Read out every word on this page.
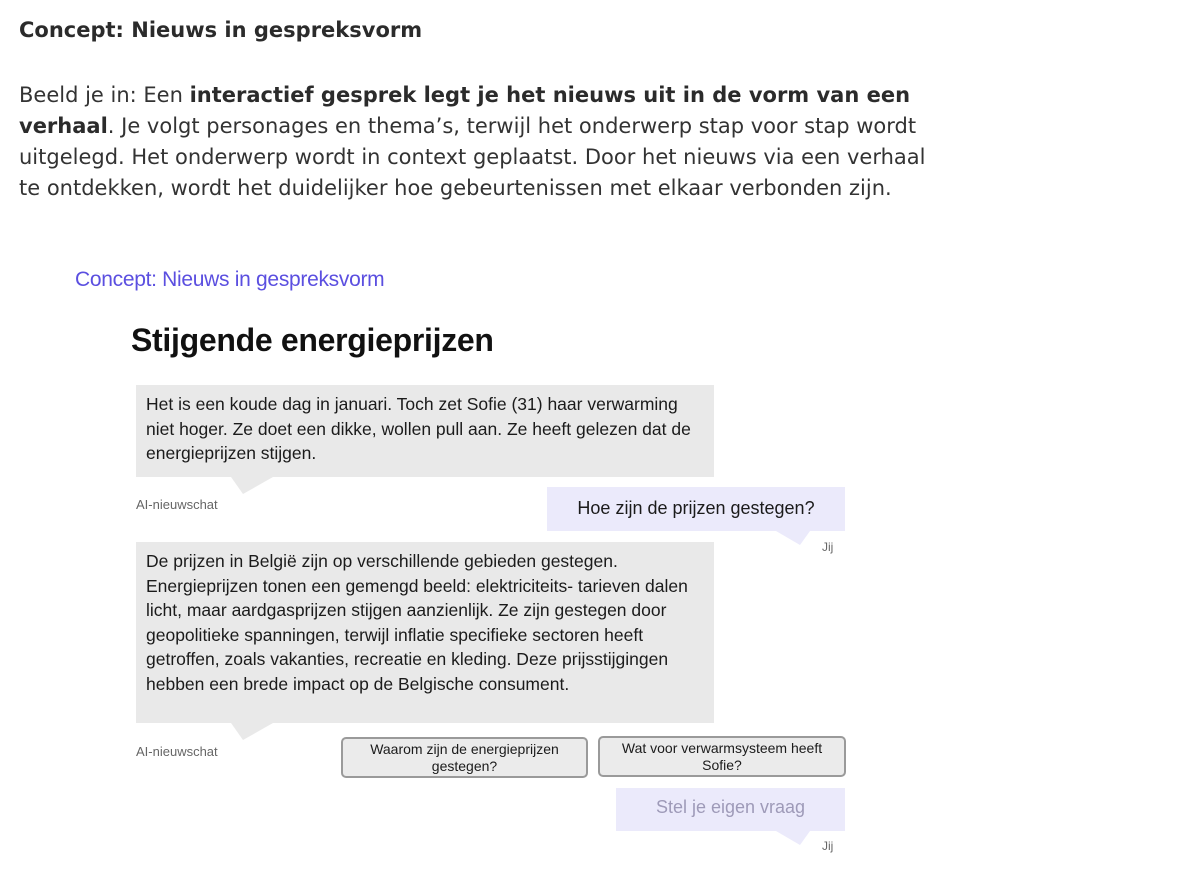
Concept: Nieuws in gespreksvorm

Beeld je in: Een interactief gesprek legt je het nieuws uit in de vorm van een verhaal. Je volgt personages en thema’s, terwijl het onderwerp stap voor stap wordt uitgelegd. Het onderwerp wordt in context geplaatst. Door het nieuws via een verhaal te ontdekken, wordt het duidelijker hoe gebeurtenissen met elkaar verbonden zijn.

Concept: Nieuws in gespreksvorm
Stijgende energieprijzen
Het is een koude dag in januari. Toch zet Sofie (31) haar verwarming niet hoger. Ze doet een dikke, wollen pull aan. Ze heeft gelezen dat de energieprijzen stijgen.
AI-nieuwschat	Hoe zijn de prijzen gestegen?
Jij
De prijzen in België zijn op verschillende gebieden gestegen. Energieprijzen tonen een gemengd beeld: elektriciteits- tarieven dalen licht, maar aardgasprijzen stijgen aanzienlijk. Ze zijn gestegen door geopolitieke spanningen, terwijl inflatie specifieke sectoren heeft getroffen, zoals vakanties, recreatie en kleding. Deze prijsstijgingen hebben een brede impact op de Belgische consument.
AI-nieuwschat	Waarom zijn de energieprijzen gestegen?
Wat voor verwarmsysteem heeft Sofie?
Stel je eigen vraag
Jij
